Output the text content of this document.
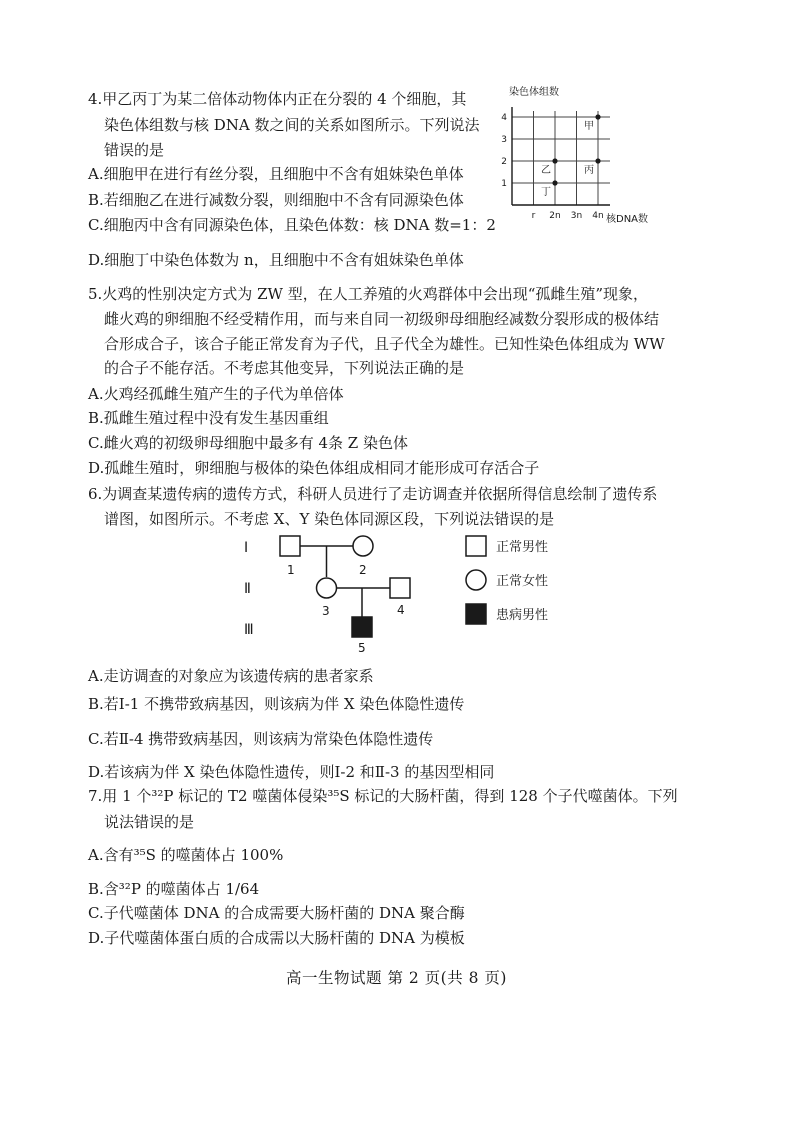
4.甲乙丙丁为某二倍体动物体内正在分裂的 4 个细胞，其
染色体组数与核 DNA 数之间的关系如图所示。下列说法
错误的是
A.细胞甲在进行有丝分裂，且细胞中不含有姐妹染色单体
B.若细胞乙在进行减数分裂，则细胞中不含有同源染色体
C.细胞丙中含有同源染色体，且染色体数：核 DNA 数=1：2
D.细胞丁中染色体数为 n，且细胞中不含有姐妹染色单体
r 2n 3n 4n
1
2
3
4
甲
乙	丙
丁
染色体组数
核DNA数
5.火鸡的性别决定方式为 ZW 型，在人工养殖的火鸡群体中会出现“孤雌生殖”现象，
雌火鸡的卵细胞不经受精作用，而与来自同一初级卵母细胞经减数分裂形成的极体结
合形成合子，该合子能正常发育为子代，且子代全为雄性。已知性染色体组成为 WW
的合子不能存活。不考虑其他变异，下列说法正确的是
A.火鸡经孤雌生殖产生的子代为单倍体
B.孤雌生殖过程中没有发生基因重组
C.雌火鸡的初级卵母细胞中最多有 4条 Z 染色体
D.孤雌生殖时，卵细胞与极体的染色体组成相同才能形成可存活合子
6.为调查某遗传病的遗传方式，科研人员进行了走访调查并依据所得信息绘制了遗传系
谱图，如图所示。不考虑 X、Y 染色体同源区段，下列说法错误的是
Ⅰ
Ⅱ
Ⅲ
1	2
3	4
5
正常男性
正常女性
患病男性
A.走访调查的对象应为该遗传病的患者家系
B.若Ⅰ-1 不携带致病基因，则该病为伴 X 染色体隐性遗传
C.若Ⅱ-4 携带致病基因，则该病为常染色体隐性遗传
D.若该病为伴 X 染色体隐性遗传，则Ⅰ-2 和Ⅱ-3 的基因型相同
7.用 1 个³²P 标记的 T2 噬菌体侵染³⁵S 标记的大肠杆菌，得到 128 个子代噬菌体。下列
说法错误的是
A.含有³⁵S 的噬菌体占 100%
B.含³²P 的噬菌体占 1/64
C.子代噬菌体 DNA 的合成需要大肠杆菌的 DNA 聚合酶
D.子代噬菌体蛋白质的合成需以大肠杆菌的 DNA 为模板
高一生物试题 第 2 页(共 8 页)
